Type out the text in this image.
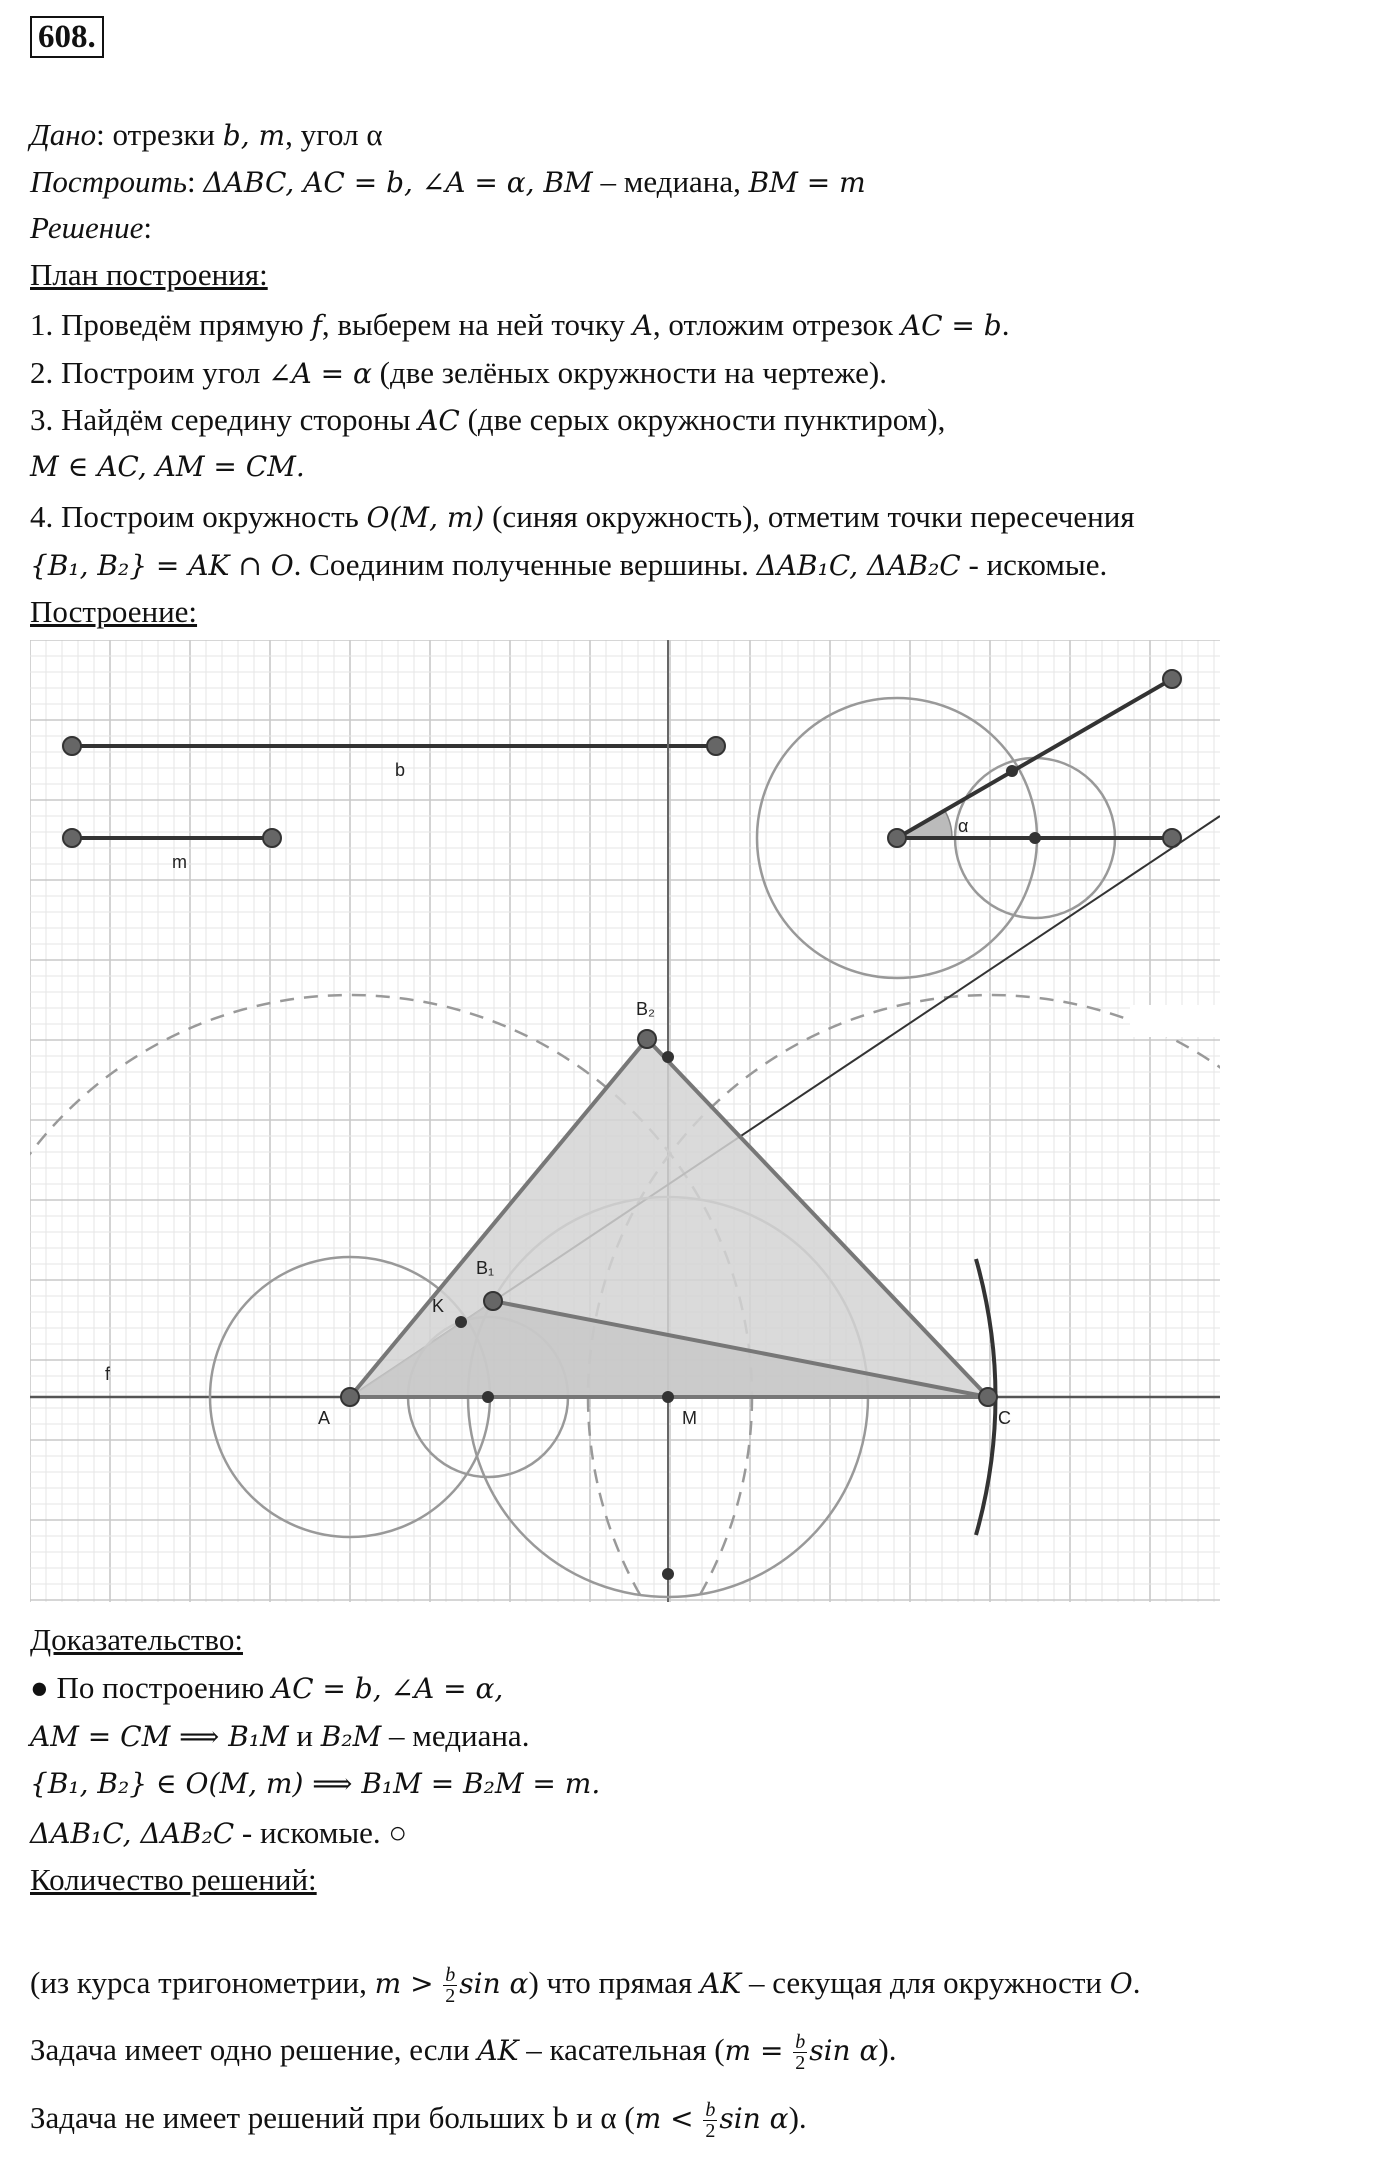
608.
Дано: отрезки b, m, угол α
Построить: ΔABC, AC = b, ∠A = α, BM – медиана, BM = m
Решение:
План построения:
1. Проведём прямую f, выберем на ней точку A, отложим отрезок AC = b.
2. Построим угол ∠A = α (две зелёных окружности на чертеже).
3. Найдём середину стороны AC (две серых окружности пунктиром),
M ∈ AC, AM = CM.
4. Построим окружность O(M, m) (синяя окружность), отметим точки пересечения
{B₁, B₂} = AK ∩ O. Соединим полученные вершины. ΔAB₁C, ΔAB₂C - искомые.
Построение:
b
m
α
f
A	C
M
K
B₁
B₂
Доказательство:
● По построению AC = b, ∠A = α,
AM = CM ⟹ B₁M и B₂M – медиана.
{B₁, B₂} ∈ O(M, m) ⟹ B₁M = B₂M = m.
ΔAB₁C, ΔAB₂C - искомые. ○
Количество решений:
(из курса тригонометрии, $m > \frac{b}{2}$ sin α) что прямая AK – секущая для окружности O.
Задача имеет одно решение, если AK – касательная ($m = \frac{b}{2}$ sin α).
Задача не имеет решений при больших b и α ($m < \frac{b}{2}$ sin α).
